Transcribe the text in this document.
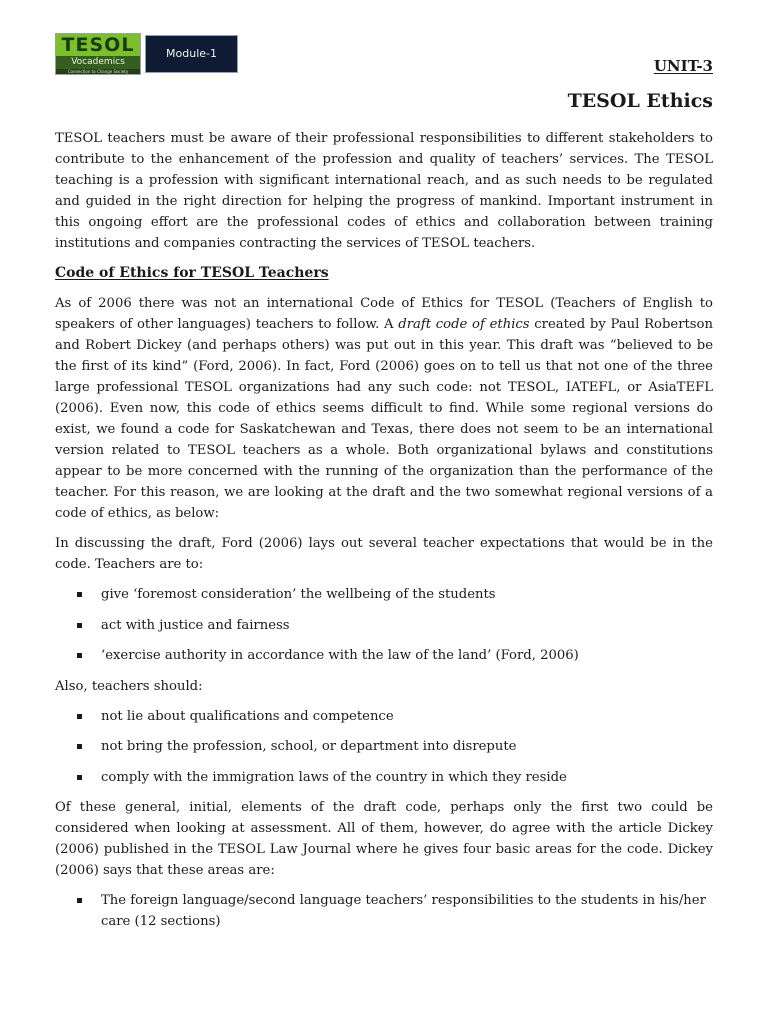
TESOL
Vocademics
Connection to Change Society
Module-1
UNIT-3
TESOL Ethics

TESOL teachers must be aware of their professional responsibilities to different stakeholders to contribute to the enhancement of the profession and quality of teachers’ services. The TESOL teaching is a profession with significant international reach, and as such needs to be regulated and guided in the right direction for helping the progress of mankind. Important instrument in this ongoing effort are the professional codes of ethics and collaboration between training institutions and companies contracting the services of TESOL teachers.

Code of Ethics for TESOL Teachers

As of 2006 there was not an international Code of Ethics for TESOL (Teachers of English to speakers of other languages) teachers to follow. A draft code of ethics created by Paul Robertson and Robert Dickey (and perhaps others) was put out in this year. This draft was “believed to be the first of its kind” (Ford, 2006). In fact, Ford (2006) goes on to tell us that not one of the three large professional TESOL organizations had any such code: not TESOL, IATEFL, or AsiaTEFL (2006). Even now, this code of ethics seems difficult to find. While some regional versions do exist, we found a code for Saskatchewan and Texas, there does not seem to be an international version related to TESOL teachers as a whole. Both organizational bylaws and constitutions appear to be more concerned with the running of the organization than the performance of the teacher. For this reason, we are looking at the draft and the two somewhat regional versions of a code of ethics, as below:

In discussing the draft, Ford (2006) lays out several teacher expectations that would be in the code. Teachers are to:

give ‘foremost consideration’ the wellbeing of the students
act with justice and fairness
‘exercise authority in accordance with the law of the land’ (Ford, 2006)

Also, teachers should:

not lie about qualifications and competence
not bring the profession, school, or department into disrepute
comply with the immigration laws of the country in which they reside

Of these general, initial, elements of the draft code, perhaps only the first two could be considered when looking at assessment. All of them, however, do agree with the article Dickey (2006) published in the TESOL Law Journal where he gives four basic areas for the code. Dickey (2006) says that these areas are:

The foreign language/second language teachers’ responsibilities to the students in his/her care (12 sections)
